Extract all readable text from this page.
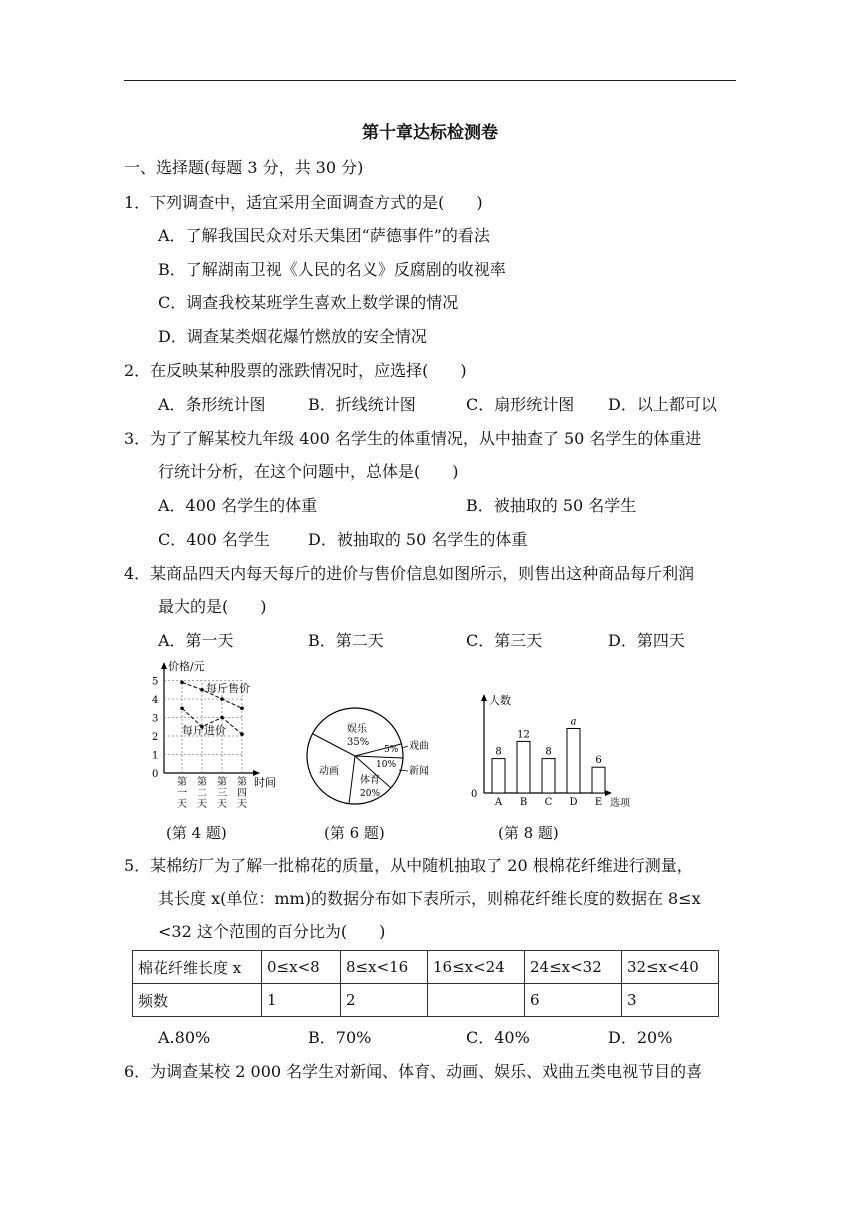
第十章达标检测卷
一、选择题(每题 3 分，共 30 分)
1．下列调查中，适宜采用全面调查方式的是(　　)
A．了解我国民众对乐天集团“萨德事件”的看法
B．了解湖南卫视《人民的名义》反腐剧的收视率
C．调查我校某班学生喜欢上数学课的情况
D．调查某类烟花爆竹燃放的安全情况
2．在反映某种股票的涨跌情况时，应选择(　　)
A．条形统计图	B．折线统计图	C．扇形统计图 D．以上都可以
3．为了了解某校九年级 400 名学生的体重情况，从中抽查了 50 名学生的体重进
行统计分析，在这个问题中，总体是(　　)
A．400 名学生的体重	B．被抽取的 50 名学生
C．400 名学生 D．被抽取的 50 名学生的体重
4．某商品四天内每天每斤的进价与售价信息如图所示，则售出这种商品每斤利润
最大的是(　　)
A．第一天	B．第二天	C．第三天	D．第四天
价格/元
时间
5
4
3
2
1
0
第
一
天
第
二
天
第
三
天
第
四
天
每斤售价
每斤进价
(第 4 题)
娱乐
35%
5% 戏曲
10%
新闻
体育
20%
动画
(第 6 题)
人数
选项
0
8
A
12
B
8
C
a
D
6
E
(第 8 题)
5．某棉纺厂为了解一批棉花的质量，从中随机抽取了 20 根棉花纤维进行测量，
其长度 x(单位：mm)的数据分布如下表所示，则棉花纤维长度的数据在 8≤x
<32 这个范围的百分比为(　　)
棉花纤维长度 x	0≤x<8	8≤x<16	16≤x<24	24≤x<32	32≤x<40
频数	1	2		6	3
A.80%	B．70%	C．40%	D．20%
6．为调查某校 2 000 名学生对新闻、体育、动画、娱乐、戏曲五类电视节目的喜
